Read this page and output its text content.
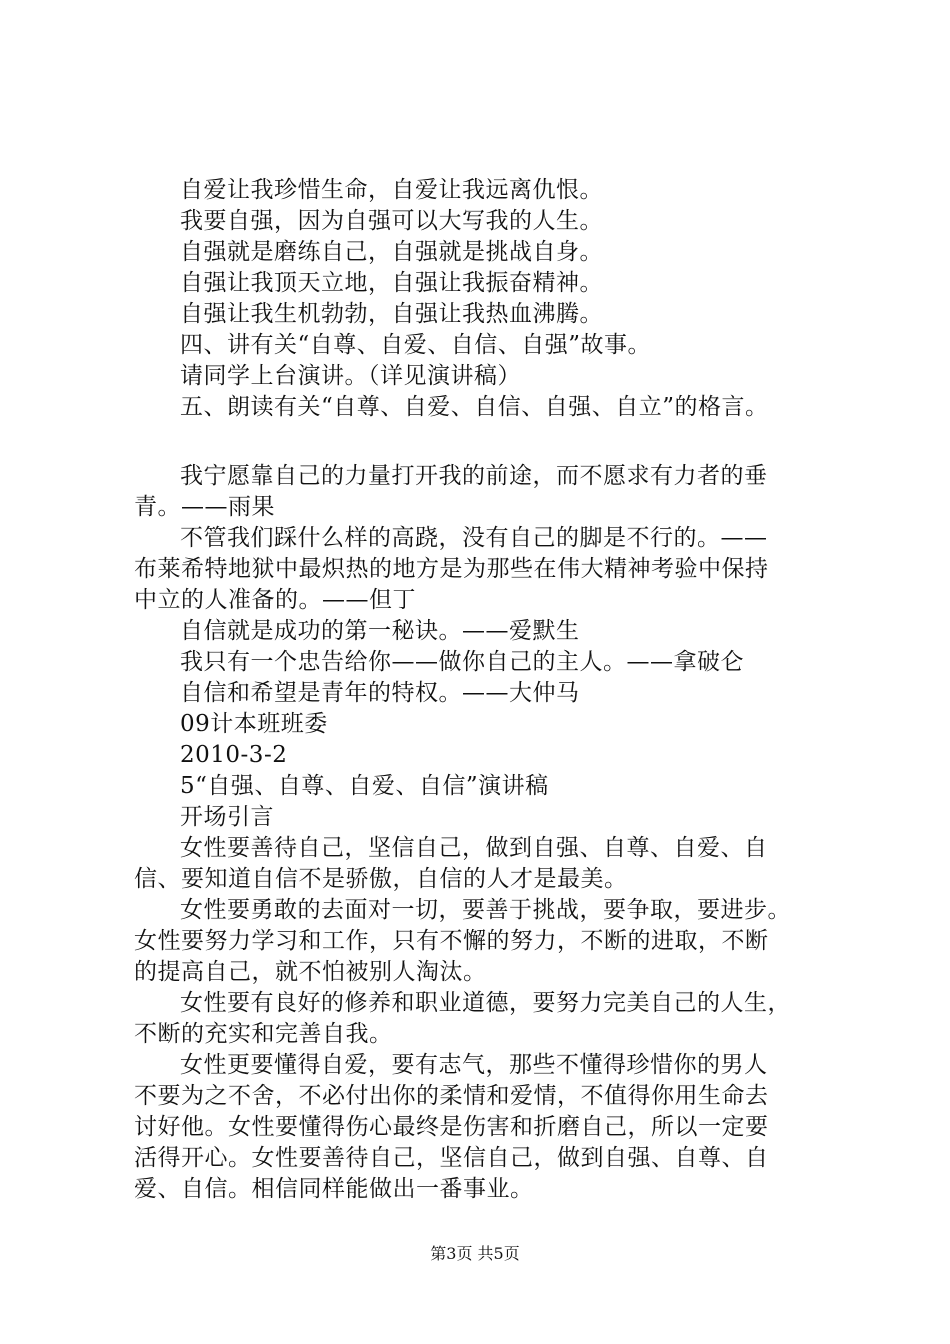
自爱让我珍惜生命，自爱让我远离仇恨。
我要自强，因为自强可以大写我的人生。
自强就是磨练自己，自强就是挑战自身。
自强让我顶天立地，自强让我振奋精神。
自强让我生机勃勃，自强让我热血沸腾。
四、讲有关“自尊、自爱、自信、自强”故事。
请同学上台演讲。（详见演讲稿）
五、朗读有关“自尊、自爱、自信、自强、自立”的格言。
我宁愿靠自己的力量打开我的前途，而不愿求有力者的垂
青。——雨果
不管我们踩什么样的高跷，没有自己的脚是不行的。——
布莱希特地狱中最炽热的地方是为那些在伟大精神考验中保持
中立的人准备的。——但丁
自信就是成功的第一秘诀。——爱默生
我只有一个忠告给你——做你自己的主人。——拿破仑
自信和希望是青年的特权。——大仲马
09计本班班委
2010-3-2
5“自强、自尊、自爱、自信”演讲稿
开场引言
女性要善待自己，坚信自己，做到自强、自尊、自爱、自
信、要知道自信不是骄傲，自信的人才是最美。
女性要勇敢的去面对一切，要善于挑战，要争取，要进步。
女性要努力学习和工作，只有不懈的努力，不断的进取，不断
的提高自己，就不怕被别人淘汰。
女性要有良好的修养和职业道德，要努力完美自己的人生，
不断的充实和完善自我。
女性更要懂得自爱，要有志气，那些不懂得珍惜你的男人
不要为之不舍，不必付出你的柔情和爱情，不值得你用生命去
讨好他。女性要懂得伤心最终是伤害和折磨自己，所以一定要
活得开心。女性要善待自己，坚信自己，做到自强、自尊、自
爱、自信。相信同样能做出一番事业。
第3页 共5页
